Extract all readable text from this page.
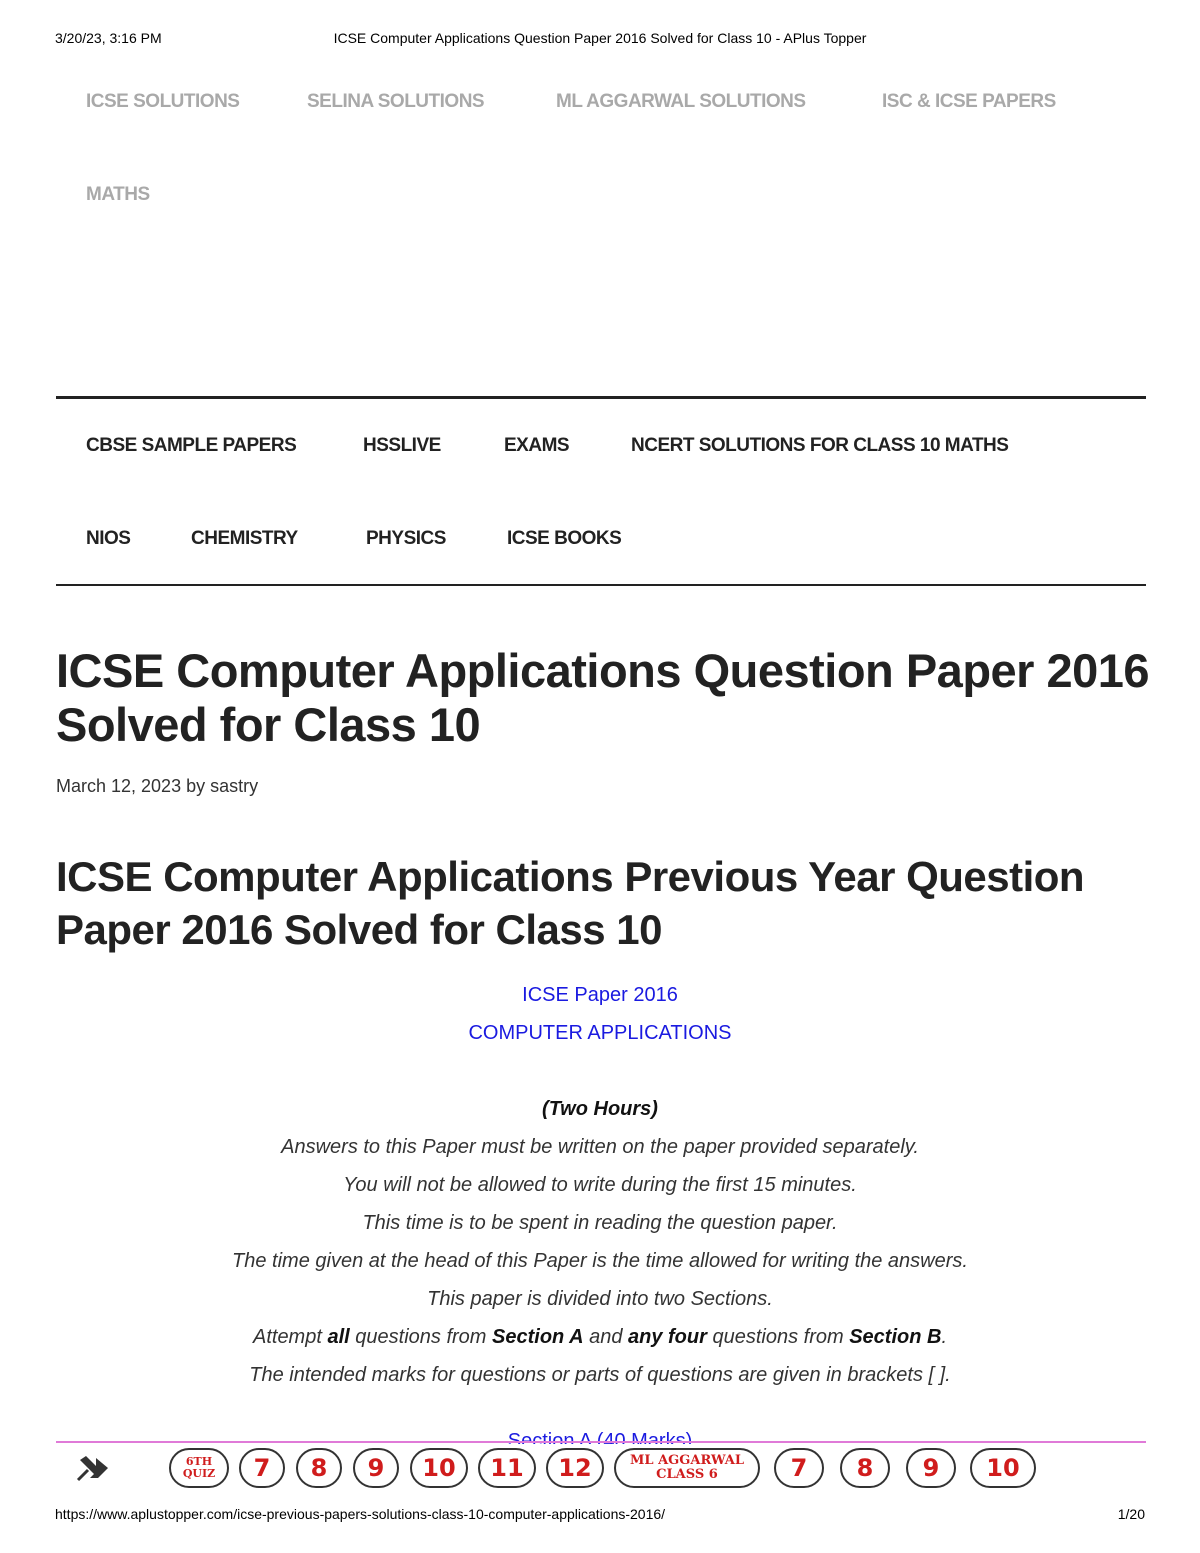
3/20/23, 3:16 PM	ICSE Computer Applications Question Paper 2016 Solved for Class 10 - APlus Topper
ICSE SOLUTIONS	SELINA SOLUTIONS	ML AGGARWAL SOLUTIONS	ISC & ICSE PAPERS
MATHS
CBSE SAMPLE PAPERS	HSSLIVE	EXAMS	NCERT SOLUTIONS FOR CLASS 10 MATHS
NIOS	CHEMISTRY	PHYSICS	ICSE BOOKS
ICSE Computer Applications Question Paper 2016 Solved for Class 10
March 12, 2023 by sastry
ICSE Computer Applications Previous Year Question Paper 2016 Solved for Class 10
ICSE Paper 2016
COMPUTER APPLICATIONS
(Two Hours)
Answers to this Paper must be written on the paper provided separately.
You will not be allowed to write during the first 15 minutes.
This time is to be spent in reading the question paper.
The time given at the head of this Paper is the time allowed for writing the answers.
This paper is divided into two Sections.
Attempt all questions from Section A and any four questions from Section B.
The intended marks for questions or parts of questions are given in brackets [ ].
6TH
QUIZ	7	8	9	10	11	12	ML AGGARWAL
CLASS 6	7	8	9	10
https://www.aplustopper.com/icse-previous-papers-solutions-class-10-computer-applications-2016/	1/20
